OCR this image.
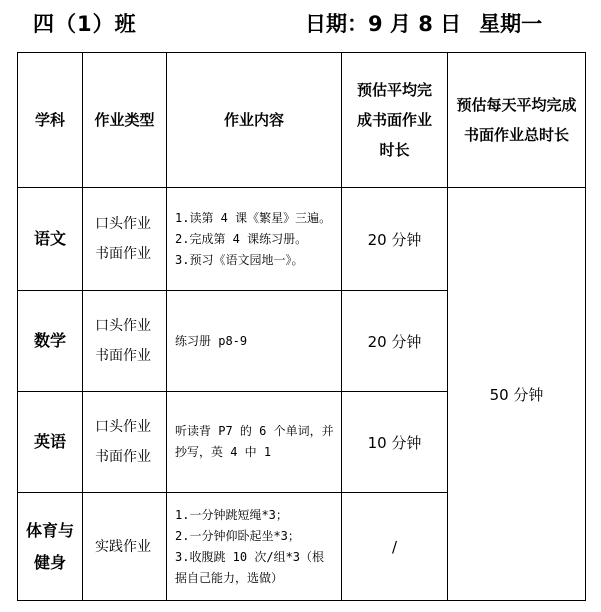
四（1）班	日期：9 月 8 日 星期一
学科	作业类型	作业内容	预估平均完
成书面作业
时长	预估每天平均完成
书面作业总时长

语文	口头作业
书面作业	1.读第 4 课《繁星》三遍。
2.完成第 4 课练习册。
3.预习《语文园地一》。	20 分钟	50 分钟

数学	口头作业
书面作业	练习册 p8-9	20 分钟	

英语	口头作业
书面作业	听读背 P7 的 6 个单词，并
抄写，英 4 中 1	10 分钟	

体育与
健身	实践作业	1.一分钟跳短绳*3；
2.一分钟仰卧起坐*3；
3.收腹跳 10 次/组*3（根
据自己能力，选做）	/	
